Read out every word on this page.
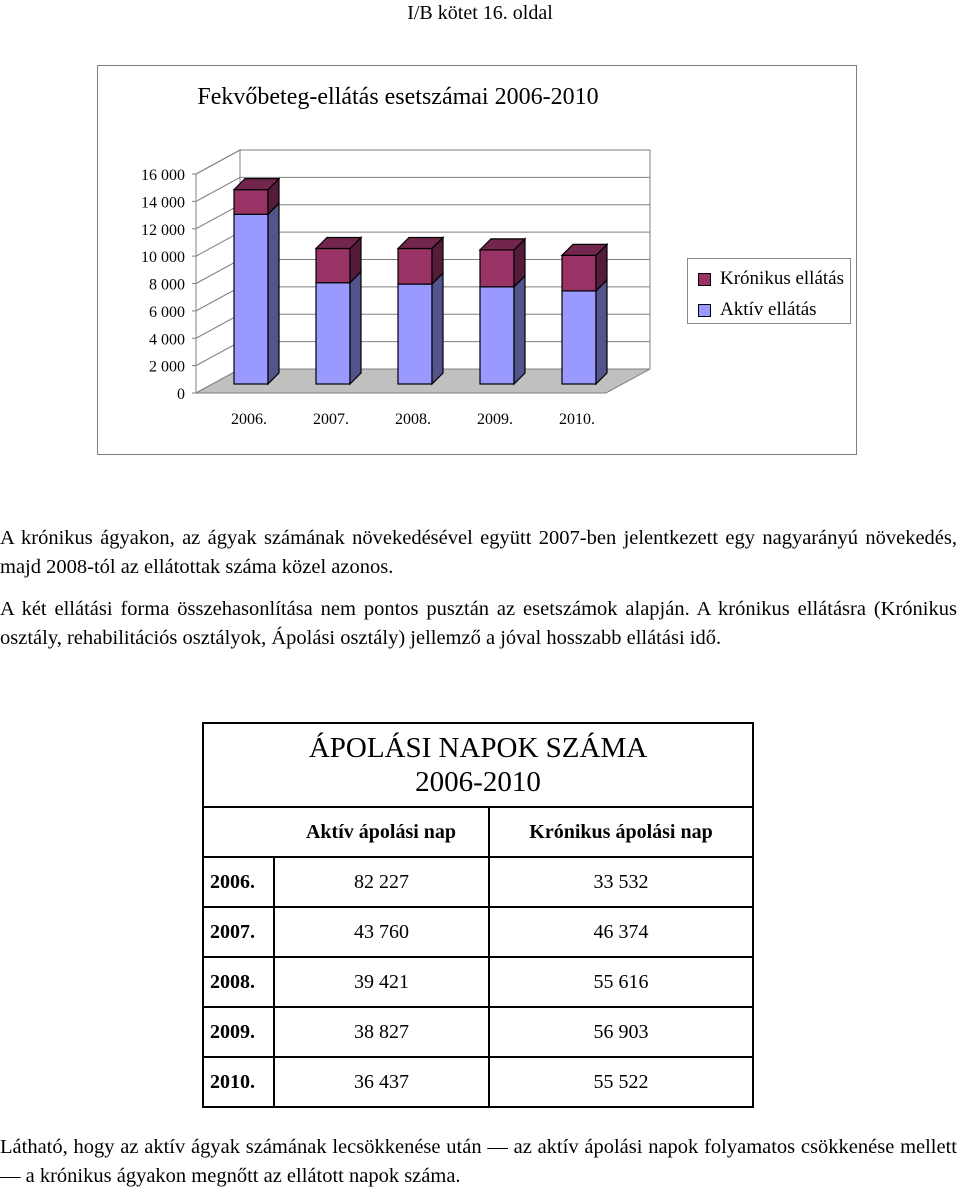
I/B kötet 16. oldal
Fekvőbeteg-ellátás esetszámai 2006-2010
0
2 000
4 000
6 000
8 000
10 000
12 000
14 000
16 000
2006.	2007.	2008.	2009.	2010.
Krónikus ellátás
Aktív ellátás

A krónikus ágyakon, az ágyak számának növekedésével együtt 2007-ben jelentkezett egy nagyarányú növekedés, majd 2008-tól az ellátottak száma közel azonos.

A két ellátási forma összehasonlítása nem pontos pusztán az esetszámok alapján. A krónikus ellátásra (Krónikus osztály, rehabilitációs osztályok, Ápolási osztály) jellemző a jóval hosszabb ellátási idő.

ÁPOLÁSI NAPOK SZÁMA
2006-2010		

	Aktív ápolási nap	Krónikus ápolási nap
2006.	82 227	33 532
2007.	43 760	46 374
2008.	39 421	55 616
2009.	38 827	56 903
2010.	36 437	55 522

Látható, hogy az aktív ágyak számának lecsökkenése után –– az aktív ápolási napok folyamatos csökkenése mellett –– a krónikus ágyakon megnőtt az ellátott napok száma.
